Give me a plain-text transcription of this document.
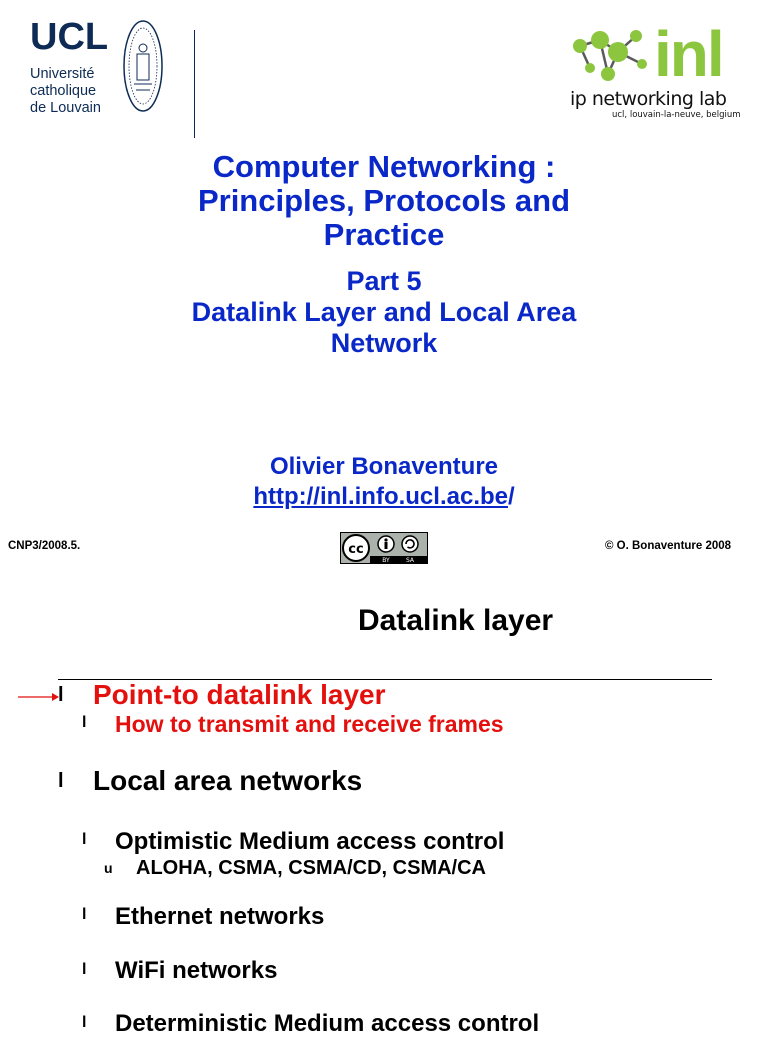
UCL
Université
catholique
de Louvain
inl
ip networking lab
ucl, louvain-la-neuve, belgium
Computer Networking :
Principles, Protocols and
Practice
Part 5
Datalink Layer and Local Area
Network
Olivier Bonaventure
http://inl.info.ucl.ac.be/
CNP3/2008.5.	© O. Bonaventure 2008
cc
BY	SA
Datalink layer
l Point-to datalink layer
l How to transmit and receive frames
l Local area networks
l Optimistic Medium access control
u ALOHA, CSMA, CSMA/CD, CSMA/CA
l Ethernet networks
l WiFi networks
l Deterministic Medium access control
